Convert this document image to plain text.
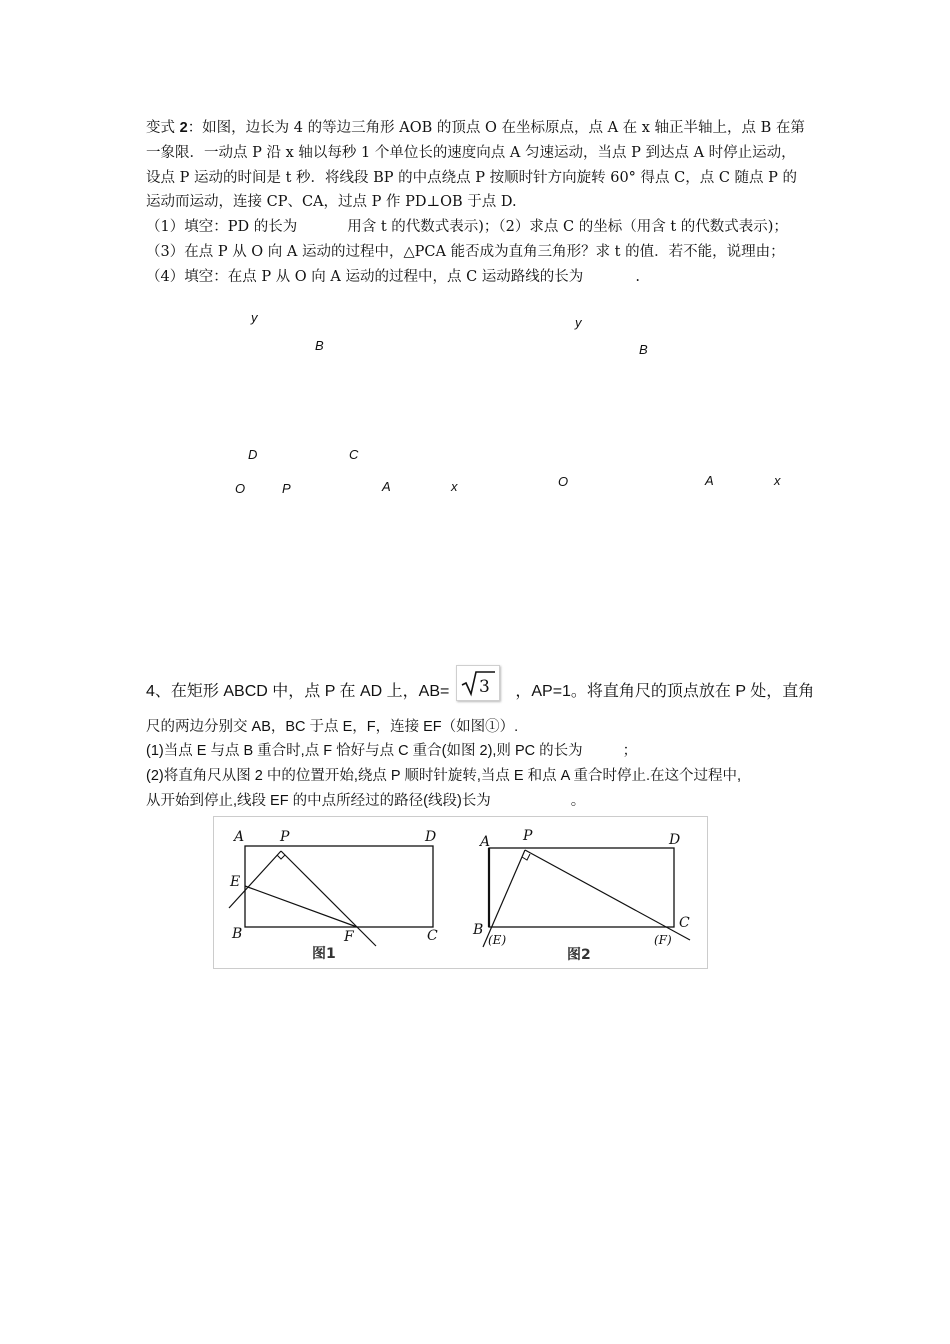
变式 2：如图，边长为 4 的等边三角形 AOB 的顶点 O 在坐标原点，点 A 在 x 轴正半轴上，点 B 在第
一象限．一动点 P 沿 x 轴以每秒 1 个单位长的速度向点 A 匀速运动，当点 P 到达点 A 时停止运动，
设点 P 运动的时间是 t 秒．将线段 BP 的中点绕点 P 按顺时针方向旋转 60° 得点 C，点 C 随点 P 的
运动而运动，连接 CP、CA，过点 P 作 PD⊥OB 于点 D.
（1）填空：PD 的长为	用含 t 的代数式表示)；（2）求点 C 的坐标（用含 t 的代数式表示)；
（3）在点 P 从 O 向 A 运动的过程中，△PCA 能否成为直角三角形？求 t 的值．若不能，说理由；
（4）填空：在点 P 从 O 向 A 运动的过程中，点 C 运动路线的长为	.
y
B
D	C
O	P	A	x
y
B
O	A	x
4、在矩形 ABCD 中，点 P 在 AD 上，AB=	，AP=1。将直角尺的顶点放在 P 处，直角
3
尺的两边分别交 AB，BC 于点 E，F，连接 EF（如图①）.
(1)当点 E 与点 B 重合时,点 F 恰好与点 C 重合(如图 2),则 PC 的长为	；
(2)将直角尺从图 2 中的位置开始,绕点 P 顺时针旋转,当点 E 和点 A 重合时停止.在这个过程中,
从开始到停止,线段 EF 的中点所经过的路径(线段)长为	。
A	P	D
E
B	F	C
图1
A P	D
B
(E)	(F)
C
图2
